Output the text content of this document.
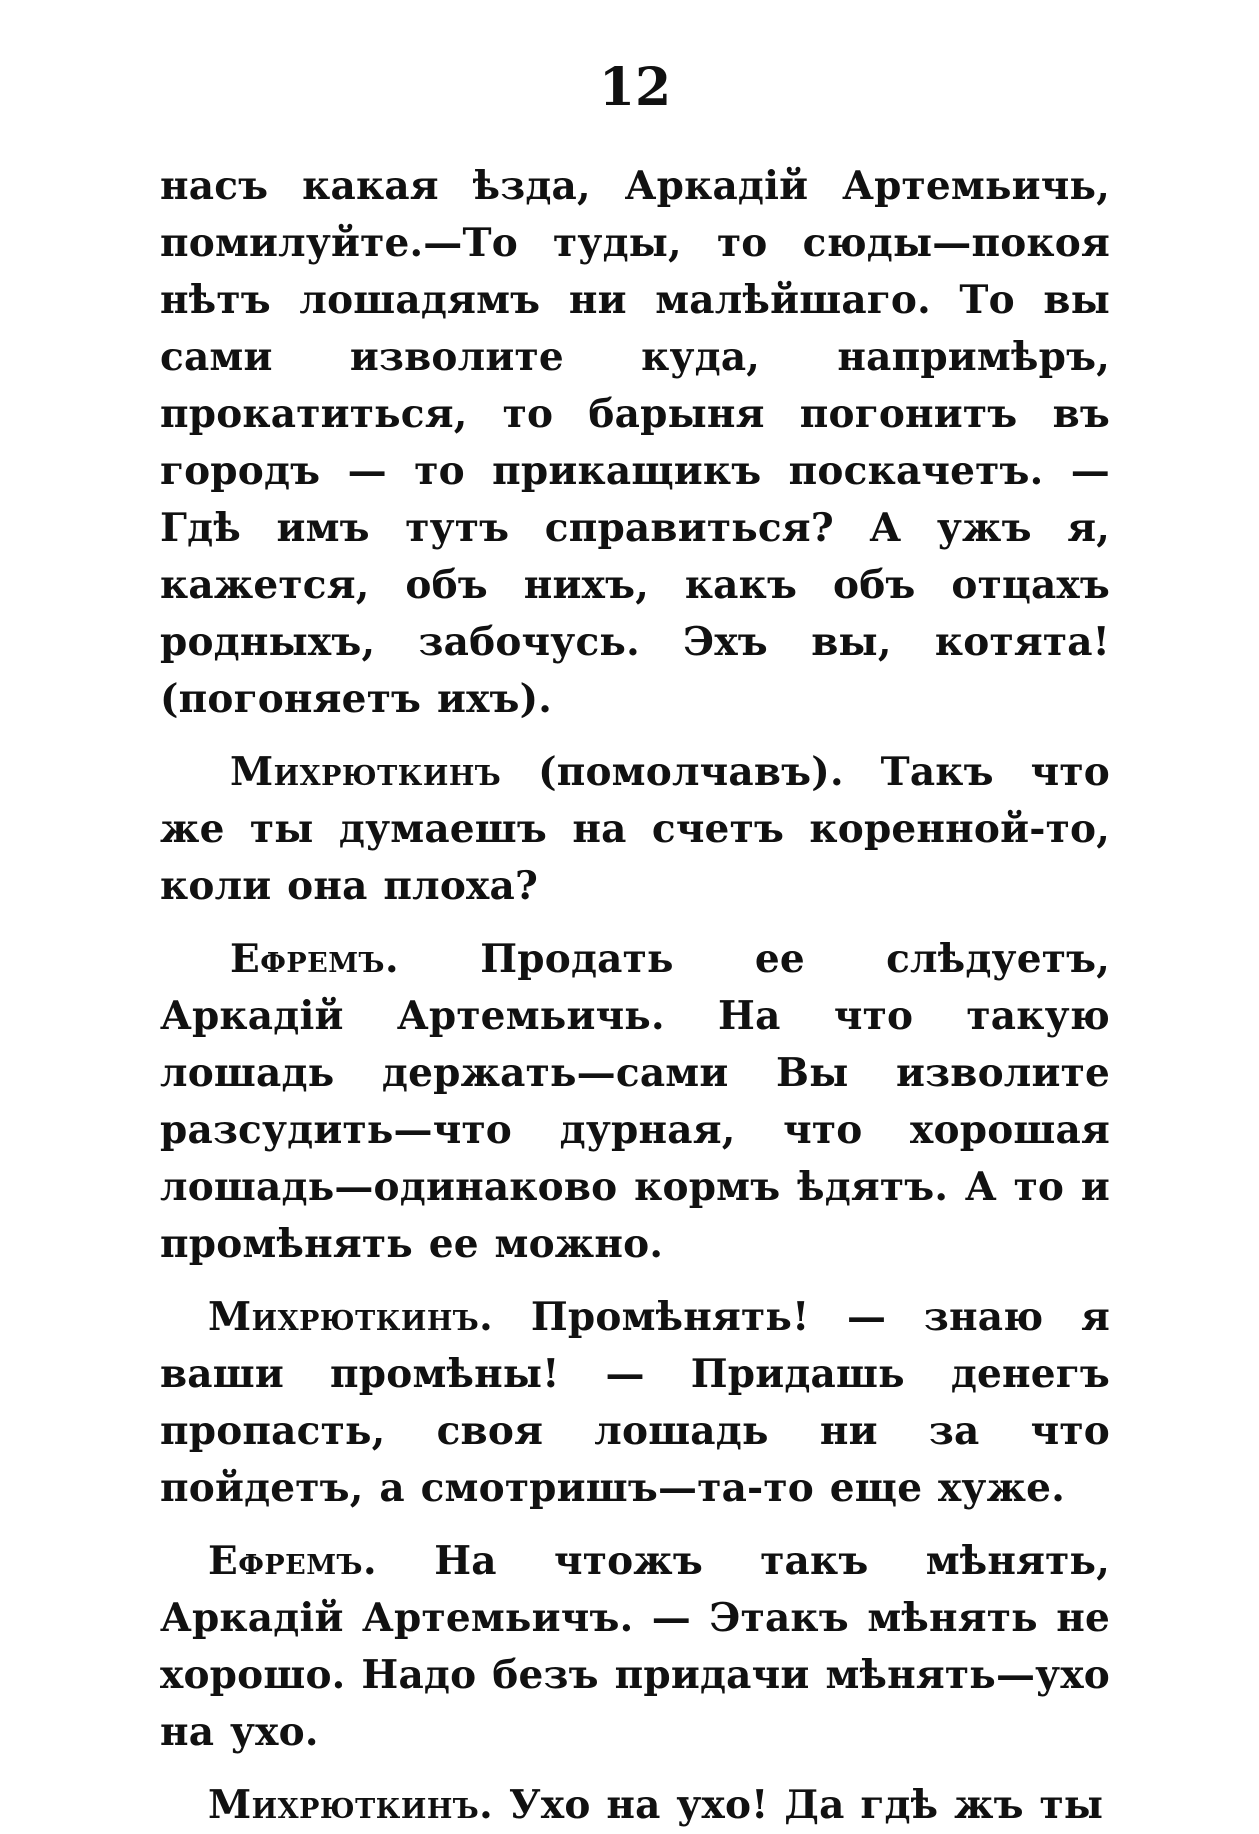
12

насъ какая ѣзда, Аркадій Артемьичь, помилуйте.—То туды, то сюды—покоя нѣтъ лошадямъ ни малѣйшаго. То вы сами изволите куда, напримѣръ, прокатиться, то барыня погонитъ въ городъ — то прикащикъ поскачетъ. — Гдѣ имъ тутъ справиться? А ужъ я, кажется, объ нихъ, какъ объ отцахъ родныхъ, забочусь. Эхъ вы, котята! (погоняетъ ихъ).

Михрюткинъ (помолчавъ). Такъ что же ты думаешъ на счетъ коренной-то, коли она плоха?

Ефремъ. Продать ее слѣдуетъ, Аркадій Артемьичь. На что такую лошадь держать—сами Вы изволите разсудить—что дурная, что хорошая лошадь—одинаково кормъ ѣдятъ. А то и промѣнять ее можно.

Михрюткинъ. Промѣнять! — знаю я ваши промѣны! — Придашь денегъ пропасть, своя лошадь ни за что пойдетъ, а смотришъ—та-то еще хуже.

Ефремъ. На чтожъ такъ мѣнять, Аркадій Артемьичъ. — Этакъ мѣнять не хорошо. Надо безъ придачи мѣнять—ухо на ухо.

Михрюткинъ. Ухо на ухо! Да гдѣ жъ ты
